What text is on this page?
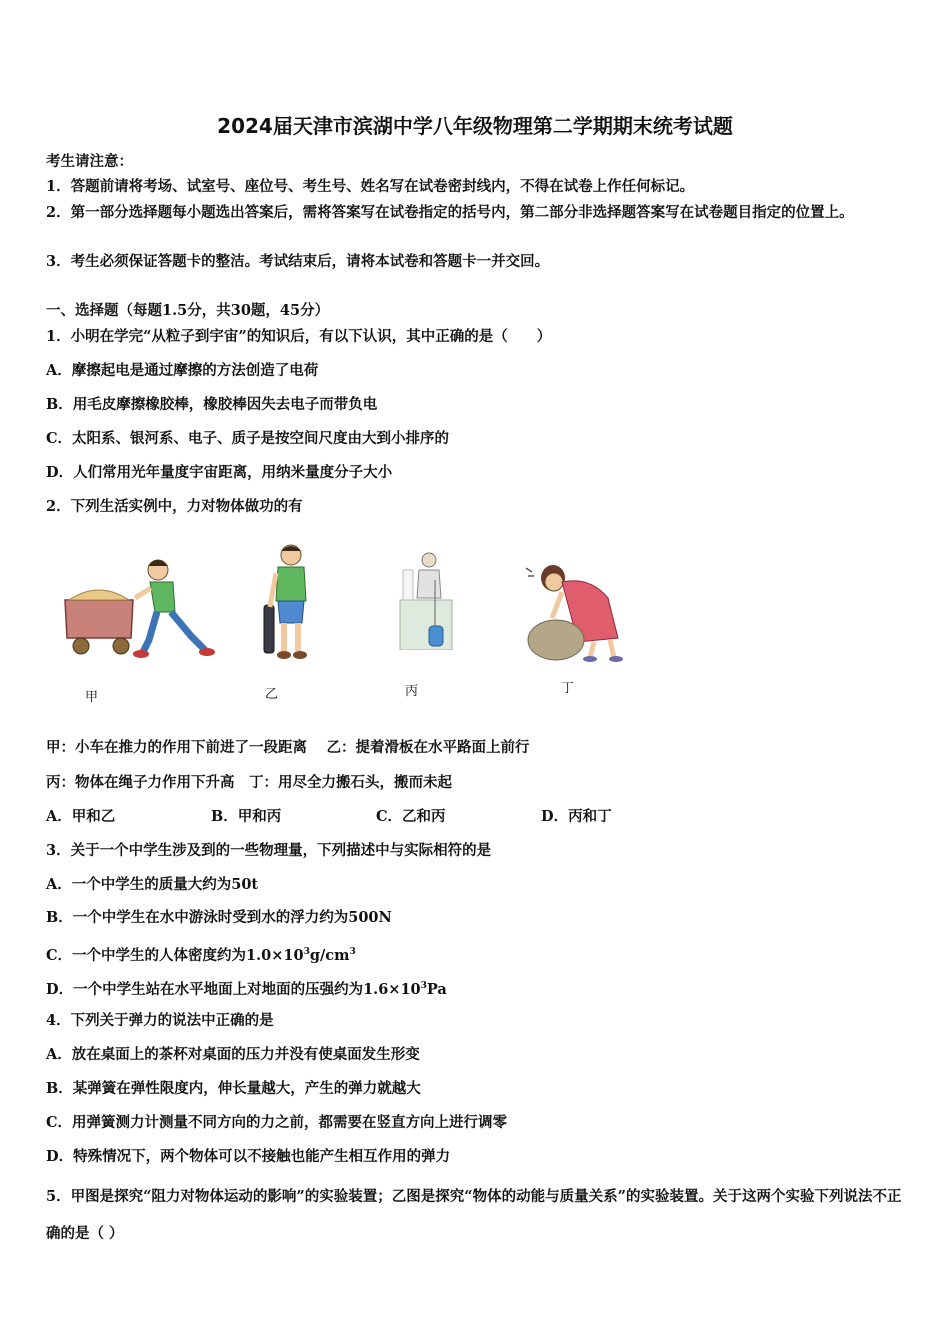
2024届天津市滨湖中学八年级物理第二学期期末统考试题
考生请注意：
1．答题前请将考场、试室号、座位号、考生号、姓名写在试卷密封线内，不得在试卷上作任何标记。
2．第一部分选择题每小题选出答案后，需将答案写在试卷指定的括号内，第二部分非选择题答案写在试卷题目指定的位置上。
3．考生必须保证答题卡的整洁。考试结束后，请将本试卷和答题卡一并交回。
一、选择题（每题1.5分，共30题，45分）
1．小明在学完“从粒子到宇宙”的知识后，有以下认识，其中正确的是（　　）
A．摩擦起电是通过摩擦的方法创造了电荷
B．用毛皮摩擦橡胶棒，橡胶棒因失去电子而带负电
C．太阳系、银河系、电子、质子是按空间尺度由大到小排序的
D．人们常用光年量度宇宙距离，用纳米量度分子大小
2．下列生活实例中，力对物体做功的有
甲	乙	丙	丁
甲：小车在推力的作用下前进了一段距离　 乙：提着滑板在水平路面上前行
丙：物体在绳子力作用下升高　丁：用尽全力搬石头，搬而未起
A．甲和乙	B．甲和丙	C．乙和丙	D．丙和丁
3．关于一个中学生涉及到的一些物理量，下列描述中与实际相符的是
A．一个中学生的质量大约为50t
B．一个中学生在水中游泳时受到水的浮力约为500N
C．一个中学生的人体密度约为$1.0\times 10^3g/cm^3$
D．一个中学生站在水平地面上对地面的压强约为$1.6\times 10^3Pa$
4．下列关于弹力的说法中正确的是
A．放在桌面上的茶杯对桌面的压力并没有使桌面发生形变
B．某弹簧在弹性限度内，伸长量越大，产生的弹力就越大
C．用弹簧测力计测量不同方向的力之前，都需要在竖直方向上进行调零
D．特殊情况下，两个物体可以不接触也能产生相互作用的弹力
5．甲图是探究“阻力对物体运动的影响”的实验装置；乙图是探究“物体的动能与质量关系”的实验装置。关于这两个实验下列说法不正确的是（ ）
